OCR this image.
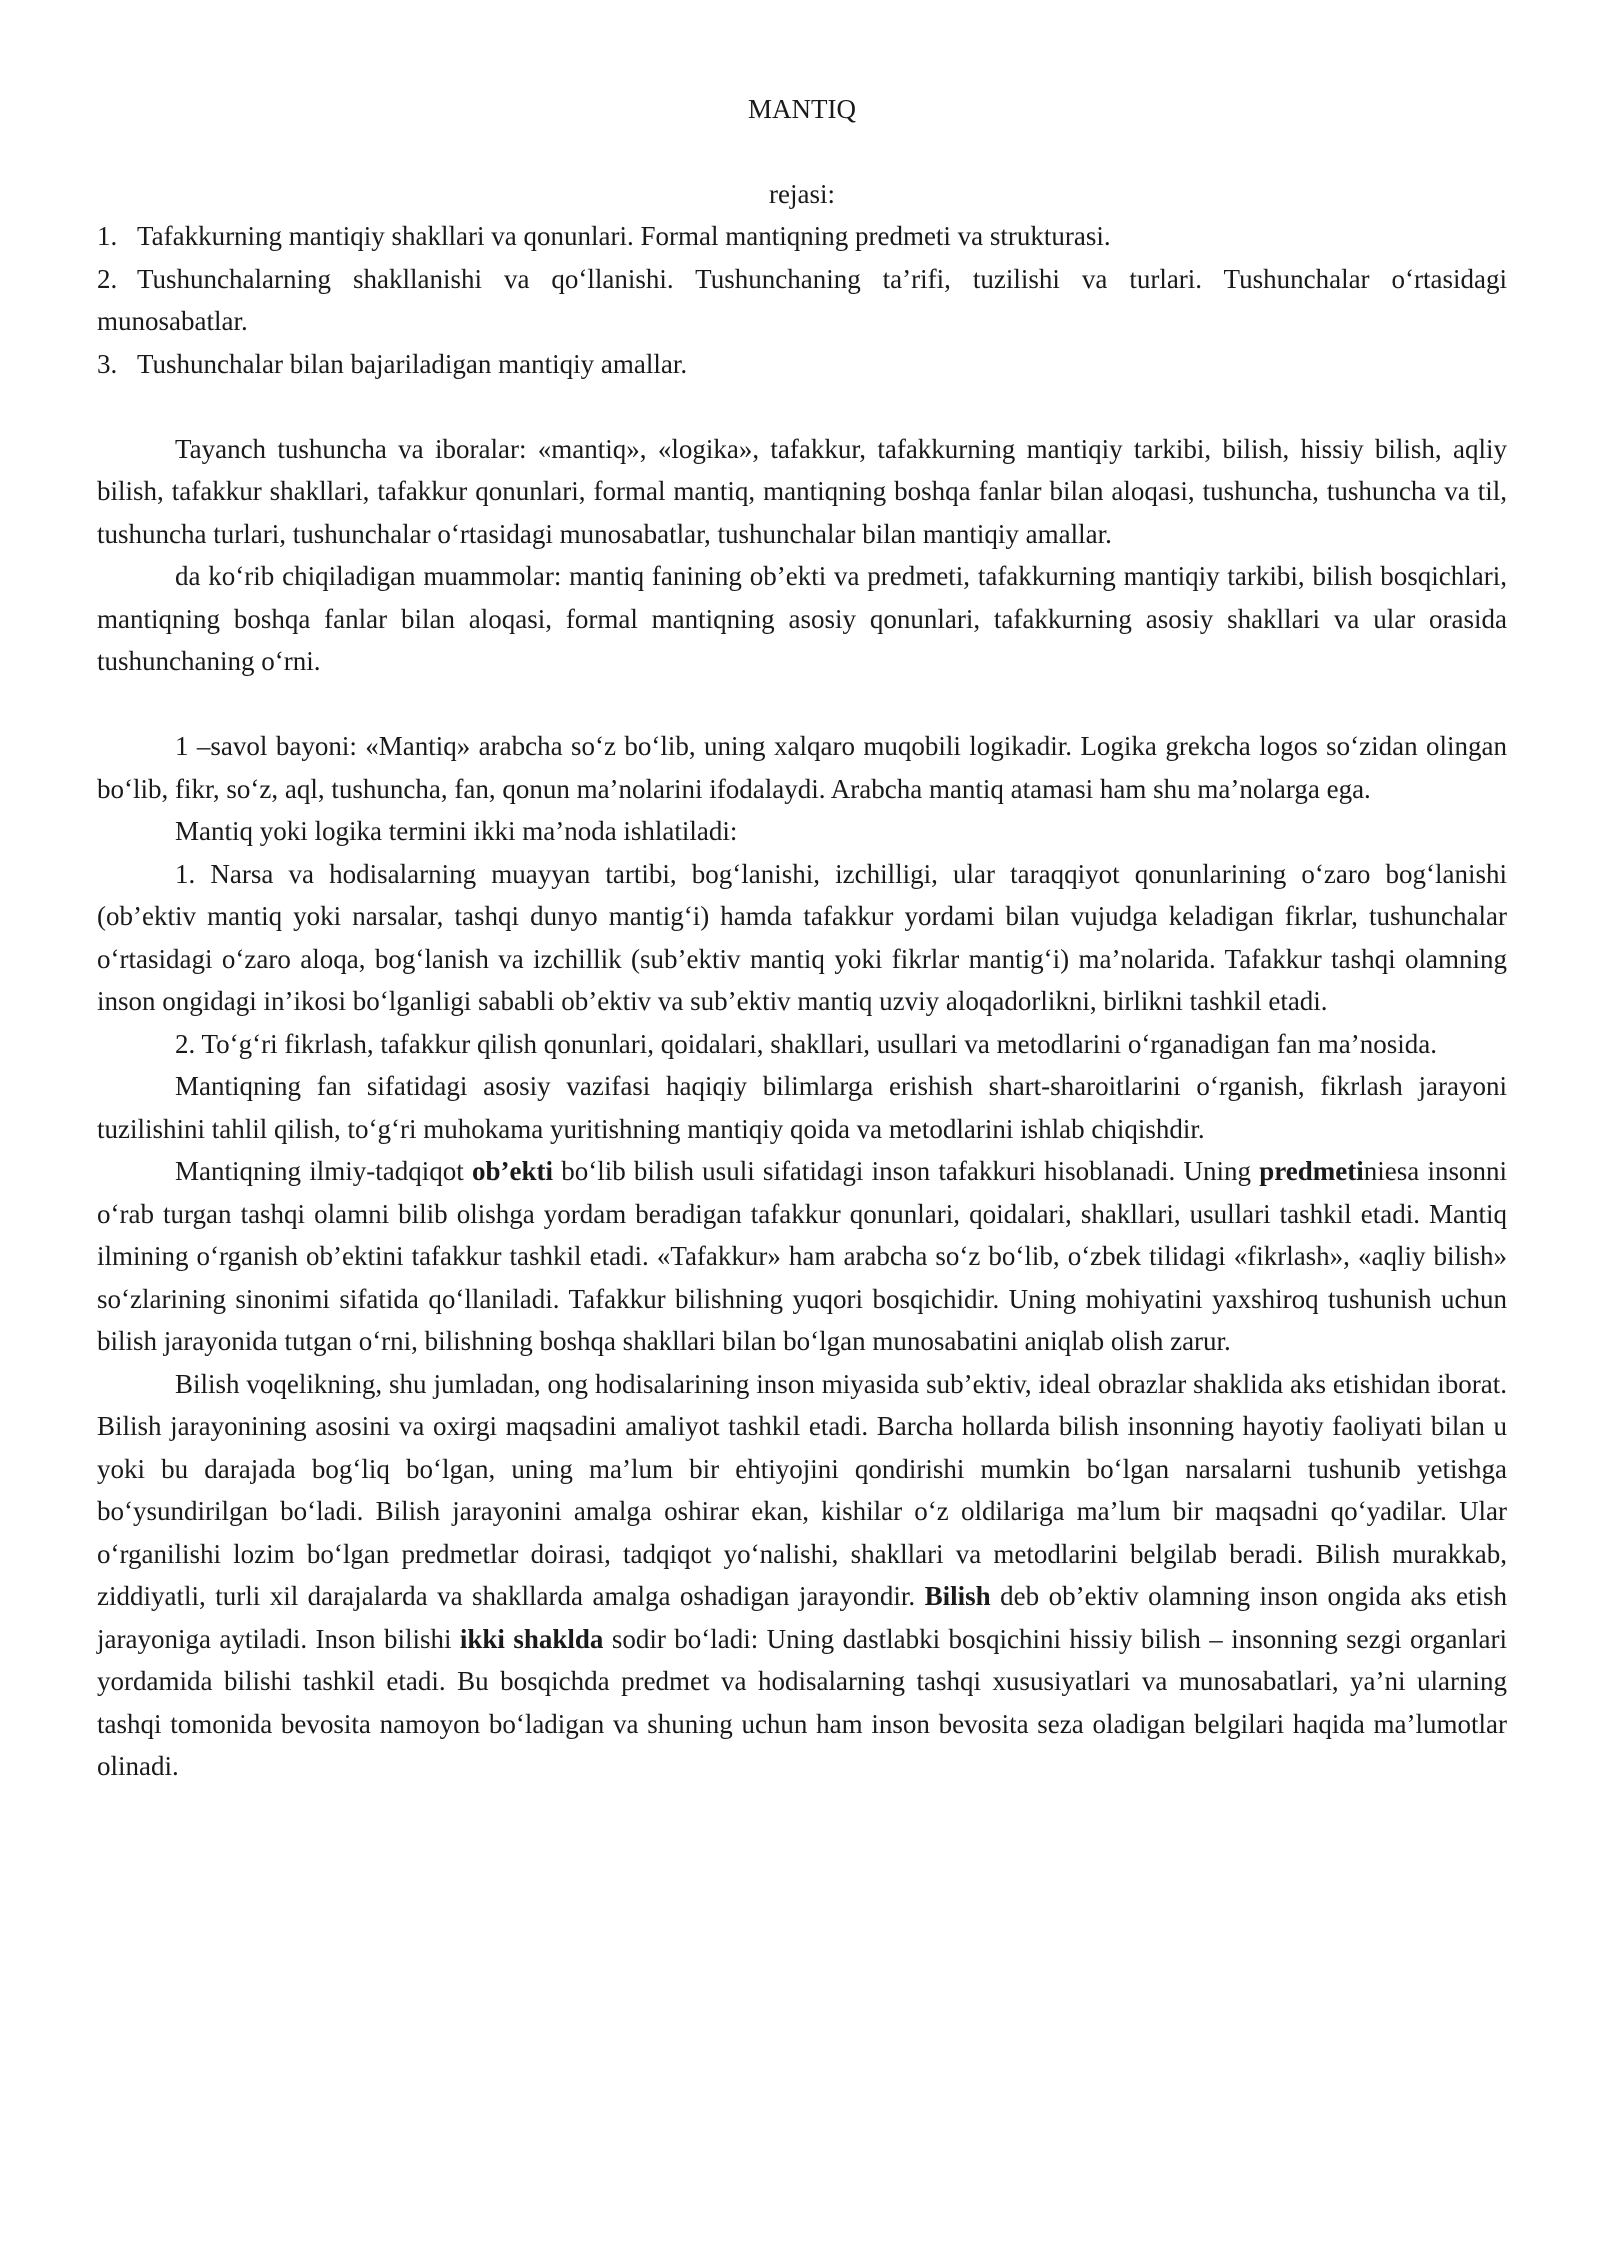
MANTIQ
rejasi:
1. Tafakkurning mantiqiy shakllari va qonunlari. Formal mantiqning predmeti va strukturasi.
2. Tushunchalarning shakllanishi va qo‘llanishi. Tushunchaning ta’rifi, tuzilishi va turlari. Tushunchalar o‘rtasidagi munosabatlar.
3. Tushunchalar bilan bajariladigan mantiqiy amallar.

Tayanch tushuncha va iboralar: «mantiq», «logika», tafakkur, tafakkurning mantiqiy tarkibi, bilish, hissiy bilish, aqliy bilish, tafakkur shakllari, tafakkur qonunlari, formal mantiq, mantiqning boshqa fanlar bilan aloqasi, tushuncha, tushuncha va til, tushuncha turlari, tushunchalar o‘rtasidagi munosabatlar, tushunchalar bilan mantiqiy amallar.

da ko‘rib chiqiladigan muammolar: mantiq fanining ob’ekti va predmeti, tafakkurning mantiqiy tarkibi, bilish bosqichlari, mantiqning boshqa fanlar bilan aloqasi, formal mantiqning asosiy qonunlari, tafakkurning asosiy shakllari va ular orasida tushunchaning o‘rni.

1 –savol bayoni: «Mantiq» arabcha so‘z bo‘lib, uning xalqaro muqobili logikadir. Logika grekcha logos so‘zidan olingan bo‘lib, fikr, so‘z, aql, tushuncha, fan, qonun ma’nolarini ifodalaydi. Arabcha mantiq atamasi ham shu ma’nolarga ega.

Mantiq yoki logika termini ikki ma’noda ishlatiladi:

1. Narsa va hodisalarning muayyan tartibi, bog‘lanishi, izchilligi, ular taraqqiyot qonunlarining o‘zaro bog‘lanishi (ob’ektiv mantiq yoki narsalar, tashqi dunyo mantig‘i) hamda tafakkur yordami bilan vujudga keladigan fikrlar, tushunchalar o‘rtasidagi o‘zaro aloqa, bog‘lanish va izchillik (sub’ektiv mantiq yoki fikrlar mantig‘i) ma’nolarida. Tafakkur tashqi olamning inson ongidagi in’ikosi bo‘lganligi sababli ob’ektiv va sub’ektiv mantiq uzviy aloqadorlikni, birlikni tashkil etadi.

2. To‘g‘ri fikrlash, tafakkur qilish qonunlari, qoidalari, shakllari, usullari va metodlarini o‘rganadigan fan ma’nosida.

Mantiqning fan sifatidagi asosiy vazifasi haqiqiy bilimlarga erishish shart-sharoitlarini o‘rganish, fikrlash jarayoni tuzilishini tahlil qilish, to‘g‘ri muhokama yuritishning mantiqiy qoida va metodlarini ishlab chiqishdir.

Mantiqning ilmiy-tadqiqot ob’ekti bo‘lib bilish usuli sifatidagi inson tafakkuri hisoblanadi. Uning predmetiniesa insonni o‘rab turgan tashqi olamni bilib olishga yordam beradigan tafakkur qonunlari, qoidalari, shakllari, usullari tashkil etadi. Mantiq ilmining o‘rganish ob’ektini tafakkur tashkil etadi. «Tafakkur» ham arabcha so‘z bo‘lib, o‘zbek tilidagi «fikrlash», «aqliy bilish» so‘zlarining sinonimi sifatida qo‘llaniladi. Tafakkur bilishning yuqori bosqichidir. Uning mohiyatini yaxshiroq tushunish uchun bilish jarayonida tutgan o‘rni, bilishning boshqa shakllari bilan bo‘lgan munosabatini aniqlab olish zarur.

Bilish voqelikning, shu jumladan, ong hodisalarining inson miyasida sub’ektiv, ideal obrazlar shaklida aks etishidan iborat. Bilish jarayonining asosini va oxirgi maqsadini amaliyot tashkil etadi. Barcha hollarda bilish insonning hayotiy faoliyati bilan u yoki bu darajada bog‘liq bo‘lgan, uning ma’lum bir ehtiyojini qondirishi mumkin bo‘lgan narsalarni tushunib yetishga bo‘ysundirilgan bo‘ladi. Bilish jarayonini amalga oshirar ekan, kishilar o‘z oldilariga ma’lum bir maqsadni qo‘yadilar. Ular o‘rganilishi lozim bo‘lgan predmetlar doirasi, tadqiqot yo‘nalishi, shakllari va metodlarini belgilab beradi. Bilish murakkab, ziddiyatli, turli xil darajalarda va shakllarda amalga oshadigan jarayondir. Bilish deb ob’ektiv olamning inson ongida aks etish jarayoniga aytiladi. Inson bilishi ikki shaklda sodir bo‘ladi: Uning dastlabki bosqichini hissiy bilish – insonning sezgi organlari yordamida bilishi tashkil etadi. Bu bosqichda predmet va hodisalarning tashqi xususiyatlari va munosabatlari, ya’ni ularning tashqi tomonida bevosita namoyon bo‘ladigan va shuning uchun ham inson bevosita seza oladigan belgilari haqida ma’lumotlar olinadi.
